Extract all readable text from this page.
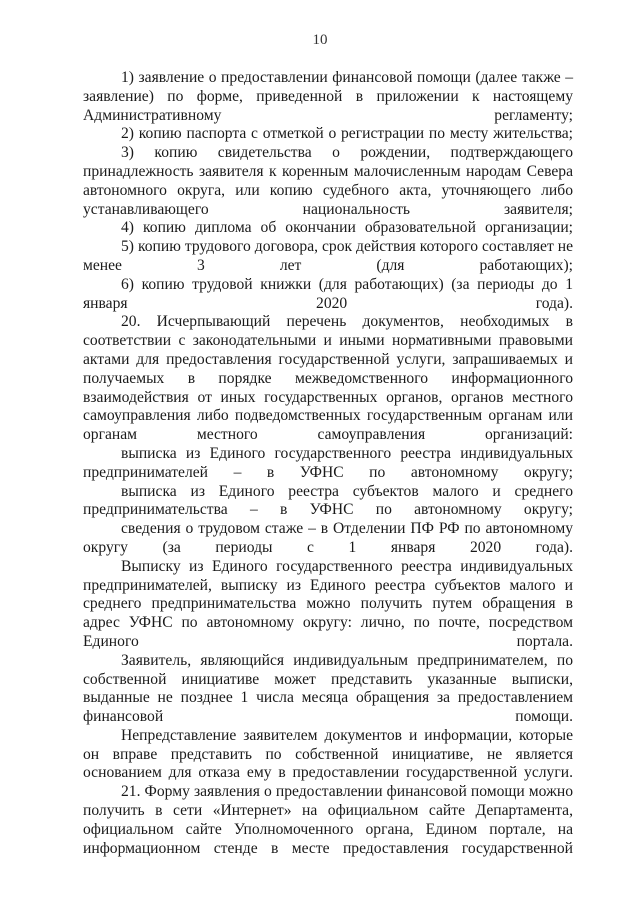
10

1) заявление о предоставлении финансовой помощи (далее также – заявление) по форме, приведенной в приложении к настоящему Административному регламенту;

2) копию паспорта с отметкой о регистрации по месту жительства;

3) копию свидетельства о рождении, подтверждающего принадлежность заявителя к коренным малочисленным народам Севера автономного округа, или копию судебного акта, уточняющего либо устанавливающего национальность заявителя;

4) копию диплома об окончании образовательной организации;

5) копию трудового договора, срок действия которого составляет не менее 3 лет (для работающих);

6) копию трудовой книжки (для работающих) (за периоды до 1 января 2020 года).

20. Исчерпывающий перечень документов, необходимых в соответствии с законодательными и иными нормативными правовыми актами для предоставления государственной услуги, запрашиваемых и получаемых в порядке межведомственного информационного взаимодействия от иных государственных органов, органов местного самоуправления либо подведомственных государственным органам или органам местного самоуправления организаций:

выписка из Единого государственного реестра индивидуальных предпринимателей – в УФНС по автономному округу;

выписка из Единого реестра субъектов малого и среднего предпринимательства – в УФНС по автономному округу;

сведения о трудовом стаже – в Отделении ПФ РФ по автономному округу (за периоды с 1 января 2020 года).

Выписку из Единого государственного реестра индивидуальных предпринимателей, выписку из Единого реестра субъектов малого и среднего предпринимательства можно получить путем обращения в адрес УФНС по автономному округу: лично, по почте, посредством Единого портала.

Заявитель, являющийся индивидуальным предпринимателем, по собственной инициативе может представить указанные выписки, выданные не позднее 1 числа месяца обращения за предоставлением финансовой помощи.

Непредставление заявителем документов и информации, которые он вправе представить по собственной инициативе, не является основанием для отказа ему в предоставлении государственной услуги.

21. Форму заявления о предоставлении финансовой помощи можно получить в сети «Интернет» на официальном сайте Департамента, официальном сайте Уполномоченного органа, Едином портале, на информационном стенде в месте предоставления государственной
